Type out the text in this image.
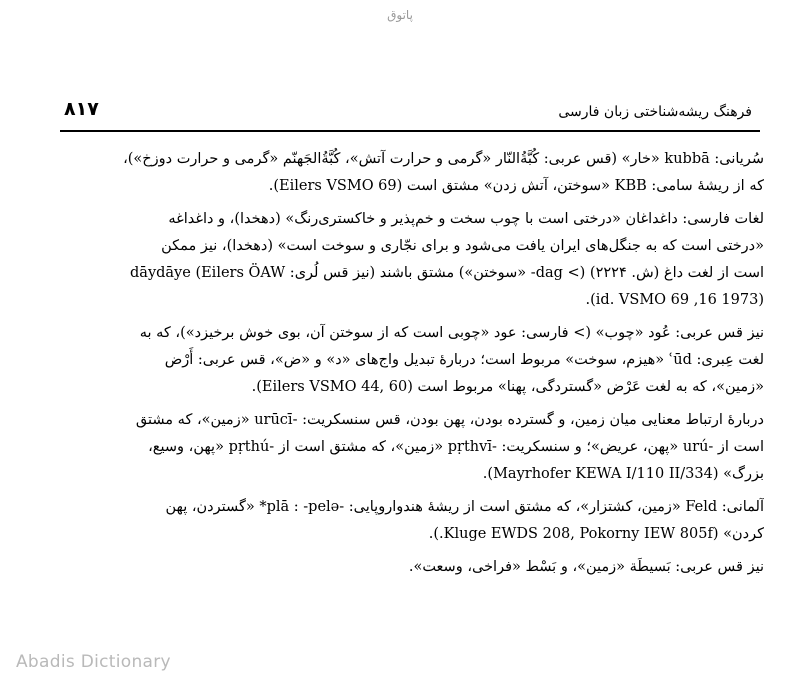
پاتوق
۸۱۷	فرهنگ ریشه‌شناختی زبان فارسی
سُریانی: kubbā «خار» (قس عربی: كُبَّةُ‌النّار «گرمی و حرارت آتش»، كُبَّةُ‌الجَهنّم «گرمی و حرارت دوزخ»)،
که از ریشهٔ سامی: KBB «سوختن، آتش زدن» مشتق است (Eilers VSMO 69).
لغات فارسی: داغداغان «درختی است با چوب سخت و خم‌پذیر و خاکستری‌رنگ» (دهخدا)، و داغداغه
«درختی است که به جنگل‌های ایران یافت می‌شود و برای نجّاری و سوخت است» (دهخدا)، نیز ممکن
است از لغت داغ (ش. ۲۲۲۴) (> dag- «سوختن») مشتق باشند (نیز قس لُری: dāydāye (Eilers ÖAW
(1973 16, id. VSMO 69).
نیز قس عربی: عُود «چوب» (> فارسی: عود «چوبی است که از سوختن آن، بوی خوش برخیزد»)، که به
لغت عِبری: ʿūd «هیزم، سوخت» مربوط است؛ دربارهٔ تبدیل واج‌های «د» و «ض»، قس عربی: أَرْض
«زمین»، که به لغت عَرْض «گستردگی، پهنا» مربوط است (Eilers VSMO 44, 60).
دربارهٔ ارتباط معنایی میان زمین، و گسترده بودن، پهن بودن، قس سنسکریت: -urūcī «زمین»، که مشتق
است از -urú «پهن، عریض»؛ و سنسکریت: -pṛthvī «زمین»، که مشتق است از -pṛthú «پهن، وسیع،
بزرگ» (Mayrhofer KEWA I/110 II/334).
آلمانی: Feld «زمین، کشتزار»، که مشتق است از ریشهٔ هندواروپایی: -plā : -pelə* «گستردن، پهن
کردن» (Kluge EWDS 208, Pokorny IEW 805f.).
نیز قس عربی: بَسیطَة «زمین»، و بَسْط «فراخی، وسعت».
Abadis Dictionary
